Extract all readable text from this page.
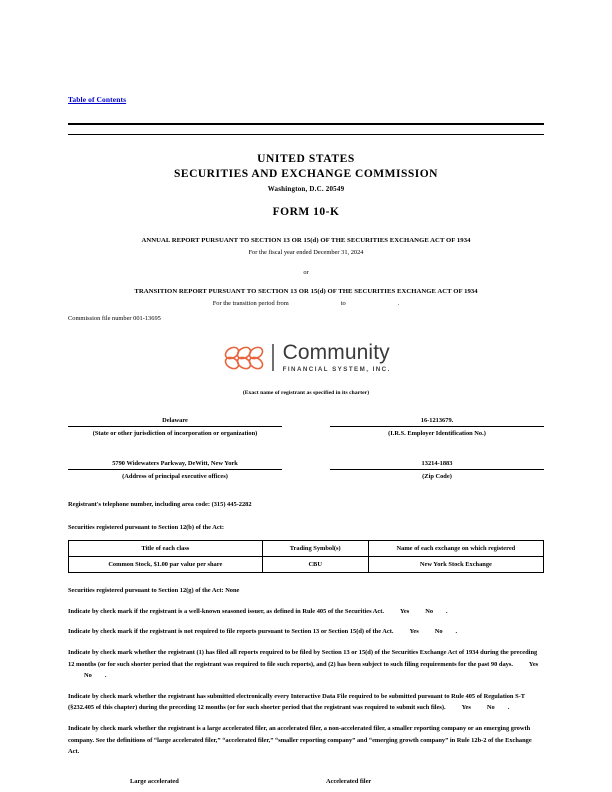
Table of Contents
UNITED STATES
SECURITIES AND EXCHANGE COMMISSION
Washington, D.C. 20549
FORM 10-K
ANNUAL REPORT PURSUANT TO SECTION 13 OR 15(d) OF THE SECURITIES EXCHANGE ACT OF 1934
For the fiscal year ended December 31, 2024
or
TRANSITION REPORT PURSUANT TO SECTION 13 OR 15(d) OF THE SECURITIES EXCHANGE ACT OF 1934
For the transition period from	to	.
Commission file number 001-13695
Community
FINANCIAL SYSTEM, INC.
(Exact name of registrant as specified in its charter)
Delaware
(State or other jurisdiction of incorporation or organization)
16-1213679.
(I.R.S. Employer Identification No.)
5790 Widewaters Parkway, DeWitt, New York
(Address of principal executive offices)
13214-1883
(Zip Code)
Registrant's telephone number, including area code: (315) 445-2282
Securities registered pursuant to Section 12(b) of the Act:
Title of each class	Trading Symbol(s)	Name of each exchange on which registered
Common Stock, $1.00 par value per share	CBU	New York Stock Exchange
Securities registered pursuant to Section 12(g) of the Act: None
Indicate by check mark if the registrant is a well-known seasoned issuer, as defined in Rule 405 of the Securities Act.	Yes	No .
Indicate by check mark if the registrant is not required to file reports pursuant to Section 13 or Section 15(d) of the Act.	Yes	No .
Indicate by check mark whether the registrant (1) has filed all reports required to be filed by Section 13 or 15(d) of the Securities Exchange Act of 1934 during the preceding 12 months (or for such shorter period that the registrant was required to file such reports), and (2) has been subject to such filing requirements for the past 90 days.	YesNo .
Indicate by check mark whether the registrant has submitted electronically every Interactive Data File required to be submitted pursuant to Rule 405 of Regulation S-T (§232.405 of this chapter) during the preceding 12 months (or for such shorter period that the registrant was required to submit such files).	Yes	No .
Indicate by check mark whether the registrant is a large accelerated filer, an accelerated filer, a non-accelerated filer, a smaller reporting company or an emerging growth company. See the definitions of “large accelerated filer,” “accelerated filer,” “smaller reporting company” and “emerging growth company” in Rule 12b-2 of the Exchange Act.
Large accelerated	Accelerated filer
